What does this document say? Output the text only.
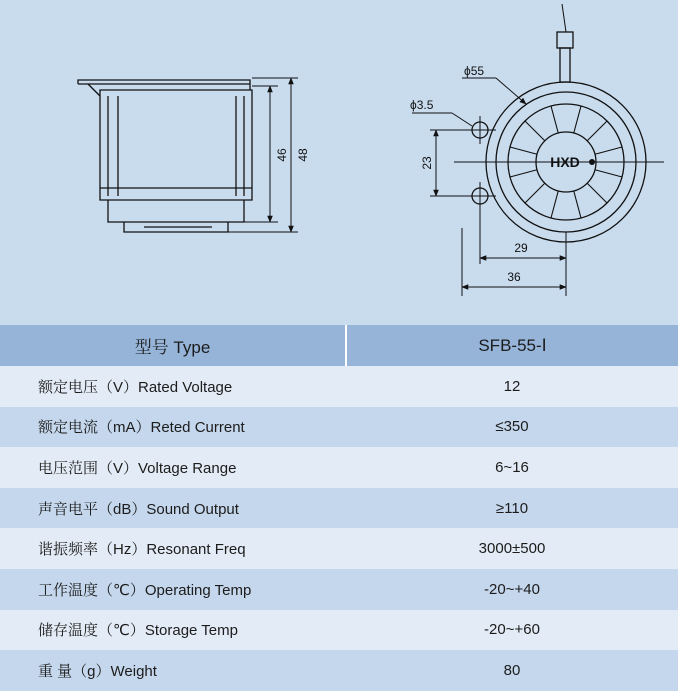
46 48	HXD
ϕ55
ϕ3.5
23
29
36
型号 Type	SFB-55-Ⅰ
额定电压（V）Rated Voltage	12
额定电流（mA）Reted Current	≤350
电压范围（V）Voltage Range	6~16
声音电平（dB）Sound Output	≥110
谐振频率（Hz）Resonant Freq	3000±500
工作温度（℃）Operating Temp	-20~+40
储存温度（℃）Storage Temp	-20~+60
重 量（g）Weight	80
